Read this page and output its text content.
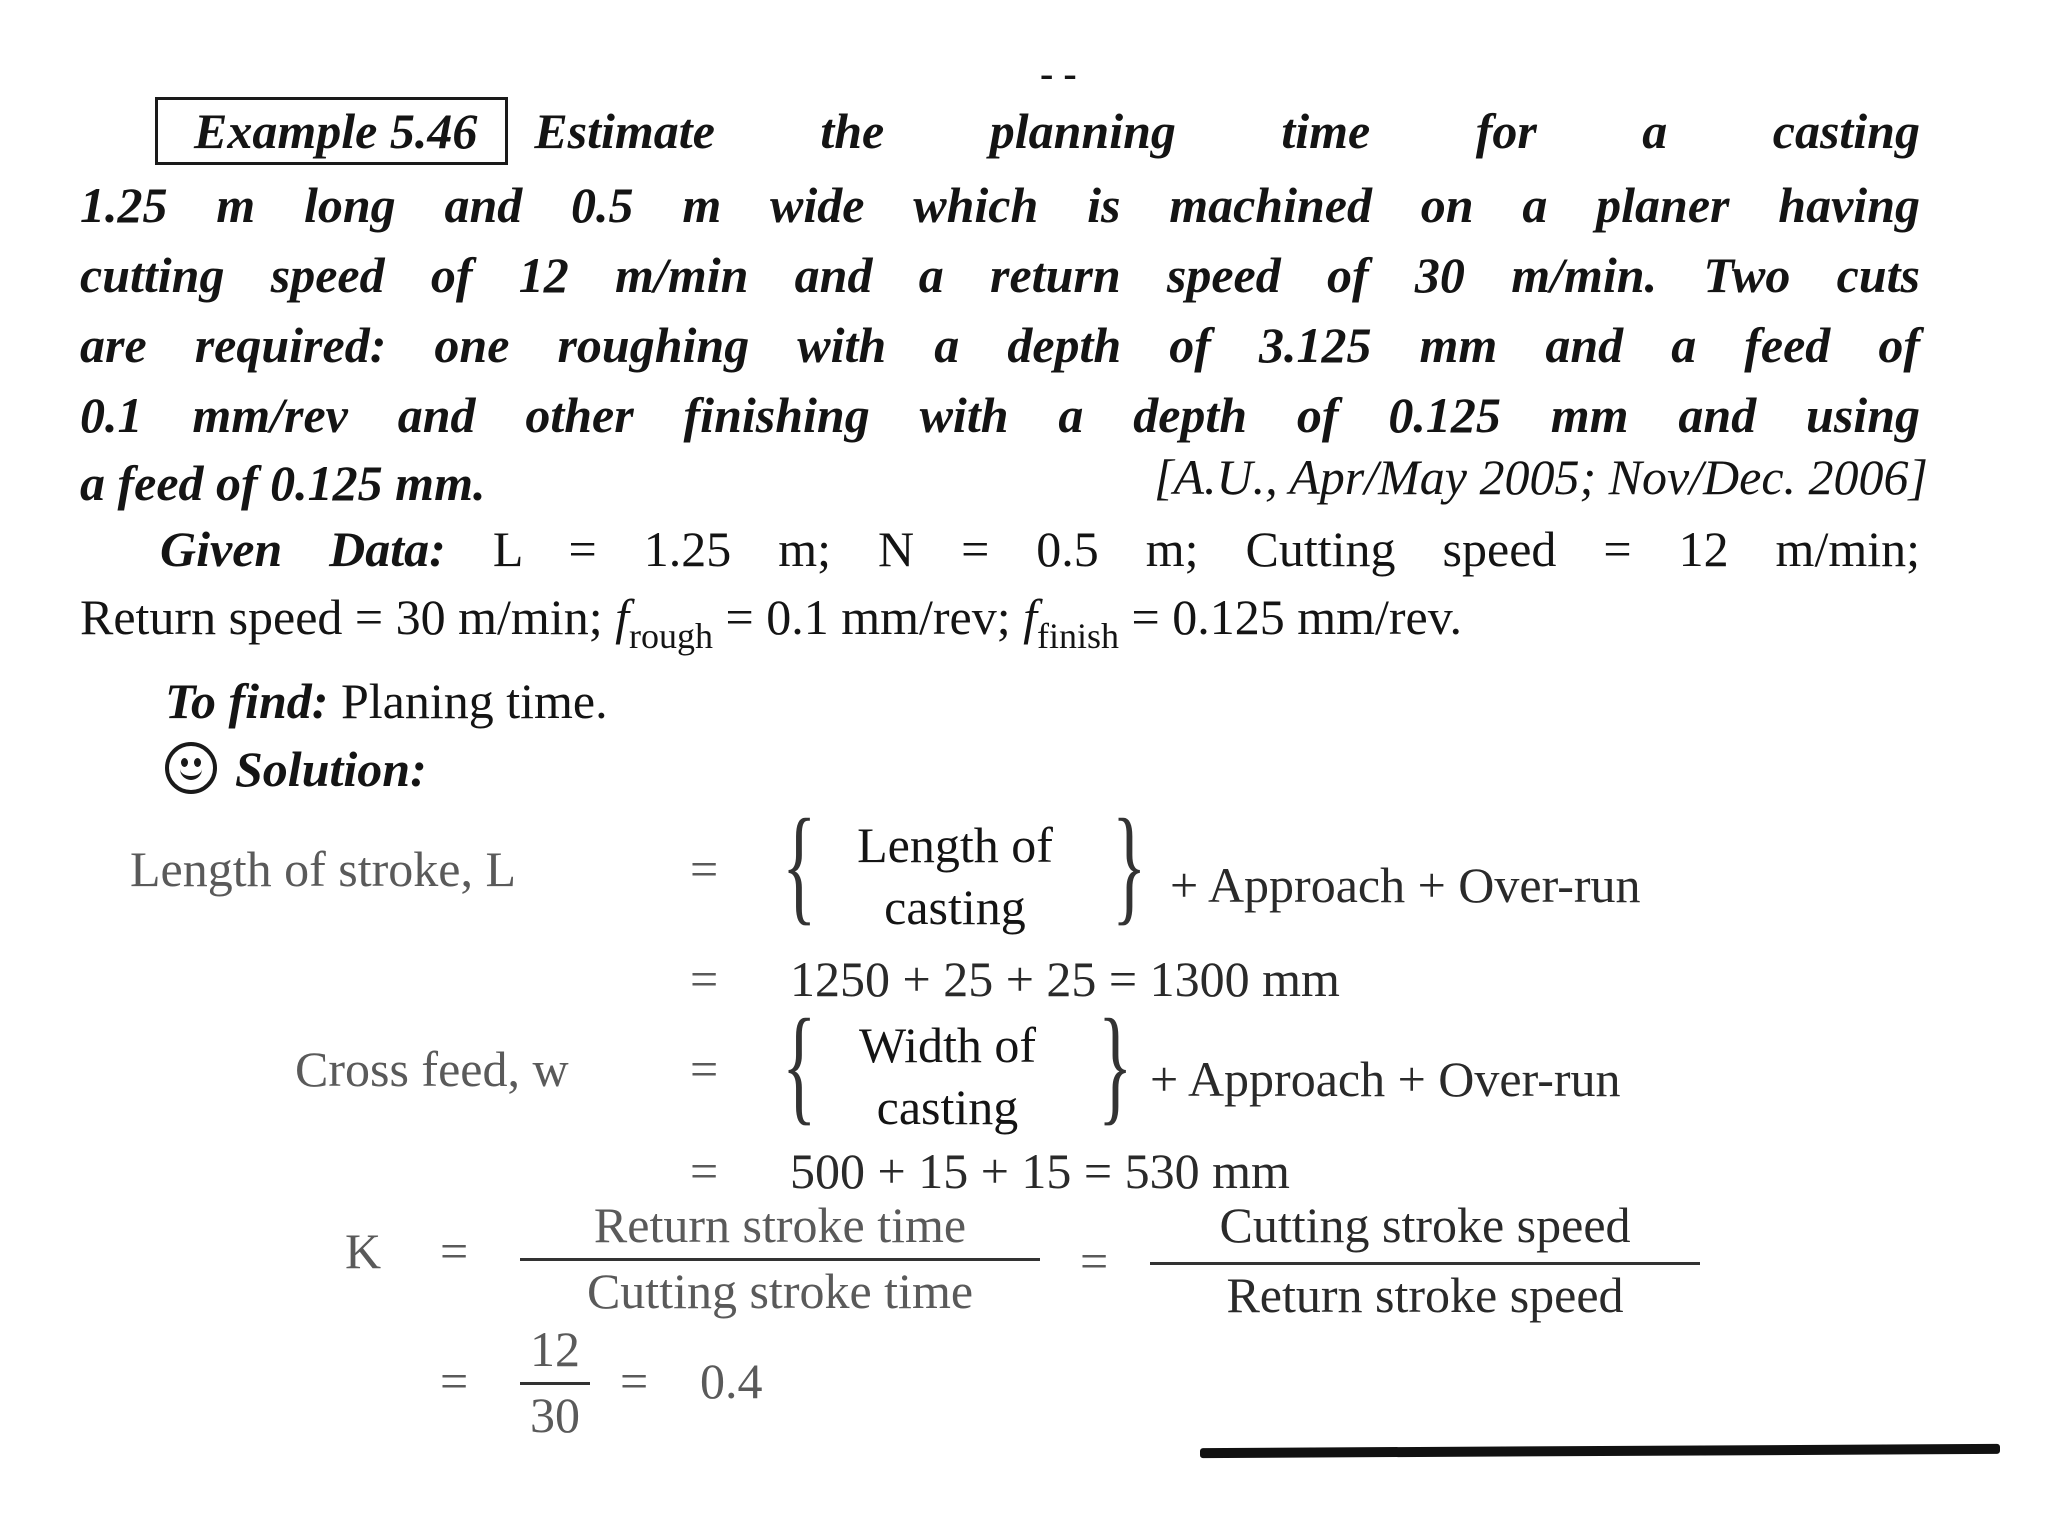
- -
Example 5.46 Estimate the planning time for a casting
1.25 m long and 0.5 m wide which is machined on a planer having
cutting speed of 12 m/min and a return speed of 30 m/min. Two cuts
are required: one roughing with a depth of 3.125 mm and a feed of
0.1 mm/rev and other finishing with a depth of 0.125 mm and using
a feed of 0.125 mm.	[A.U., Apr/May 2005; Nov/Dec. 2006]
Given Data: L = 1.25 m; N = 0.5 m; Cutting speed = 12 m/min;
Return speed = 30 m/min; $f_{rough} = 0.1$ mm/rev; $f_{finish} = 0.125$ mm/rev.
To find: Planing time.
Solution:
Length of stroke, L	= { Length of
casting } + Approach + Over-run
= 1250 + 25 + 25 = 1300 mm
Cross feed, w = { Width of
casting } + Approach + Over-run
= 500 + 15 + 15 = 530 mm
K =	Return stroke time
Cutting stroke time
=
Cutting stroke speed
Return stroke speed
=
12
30
= 0.4
